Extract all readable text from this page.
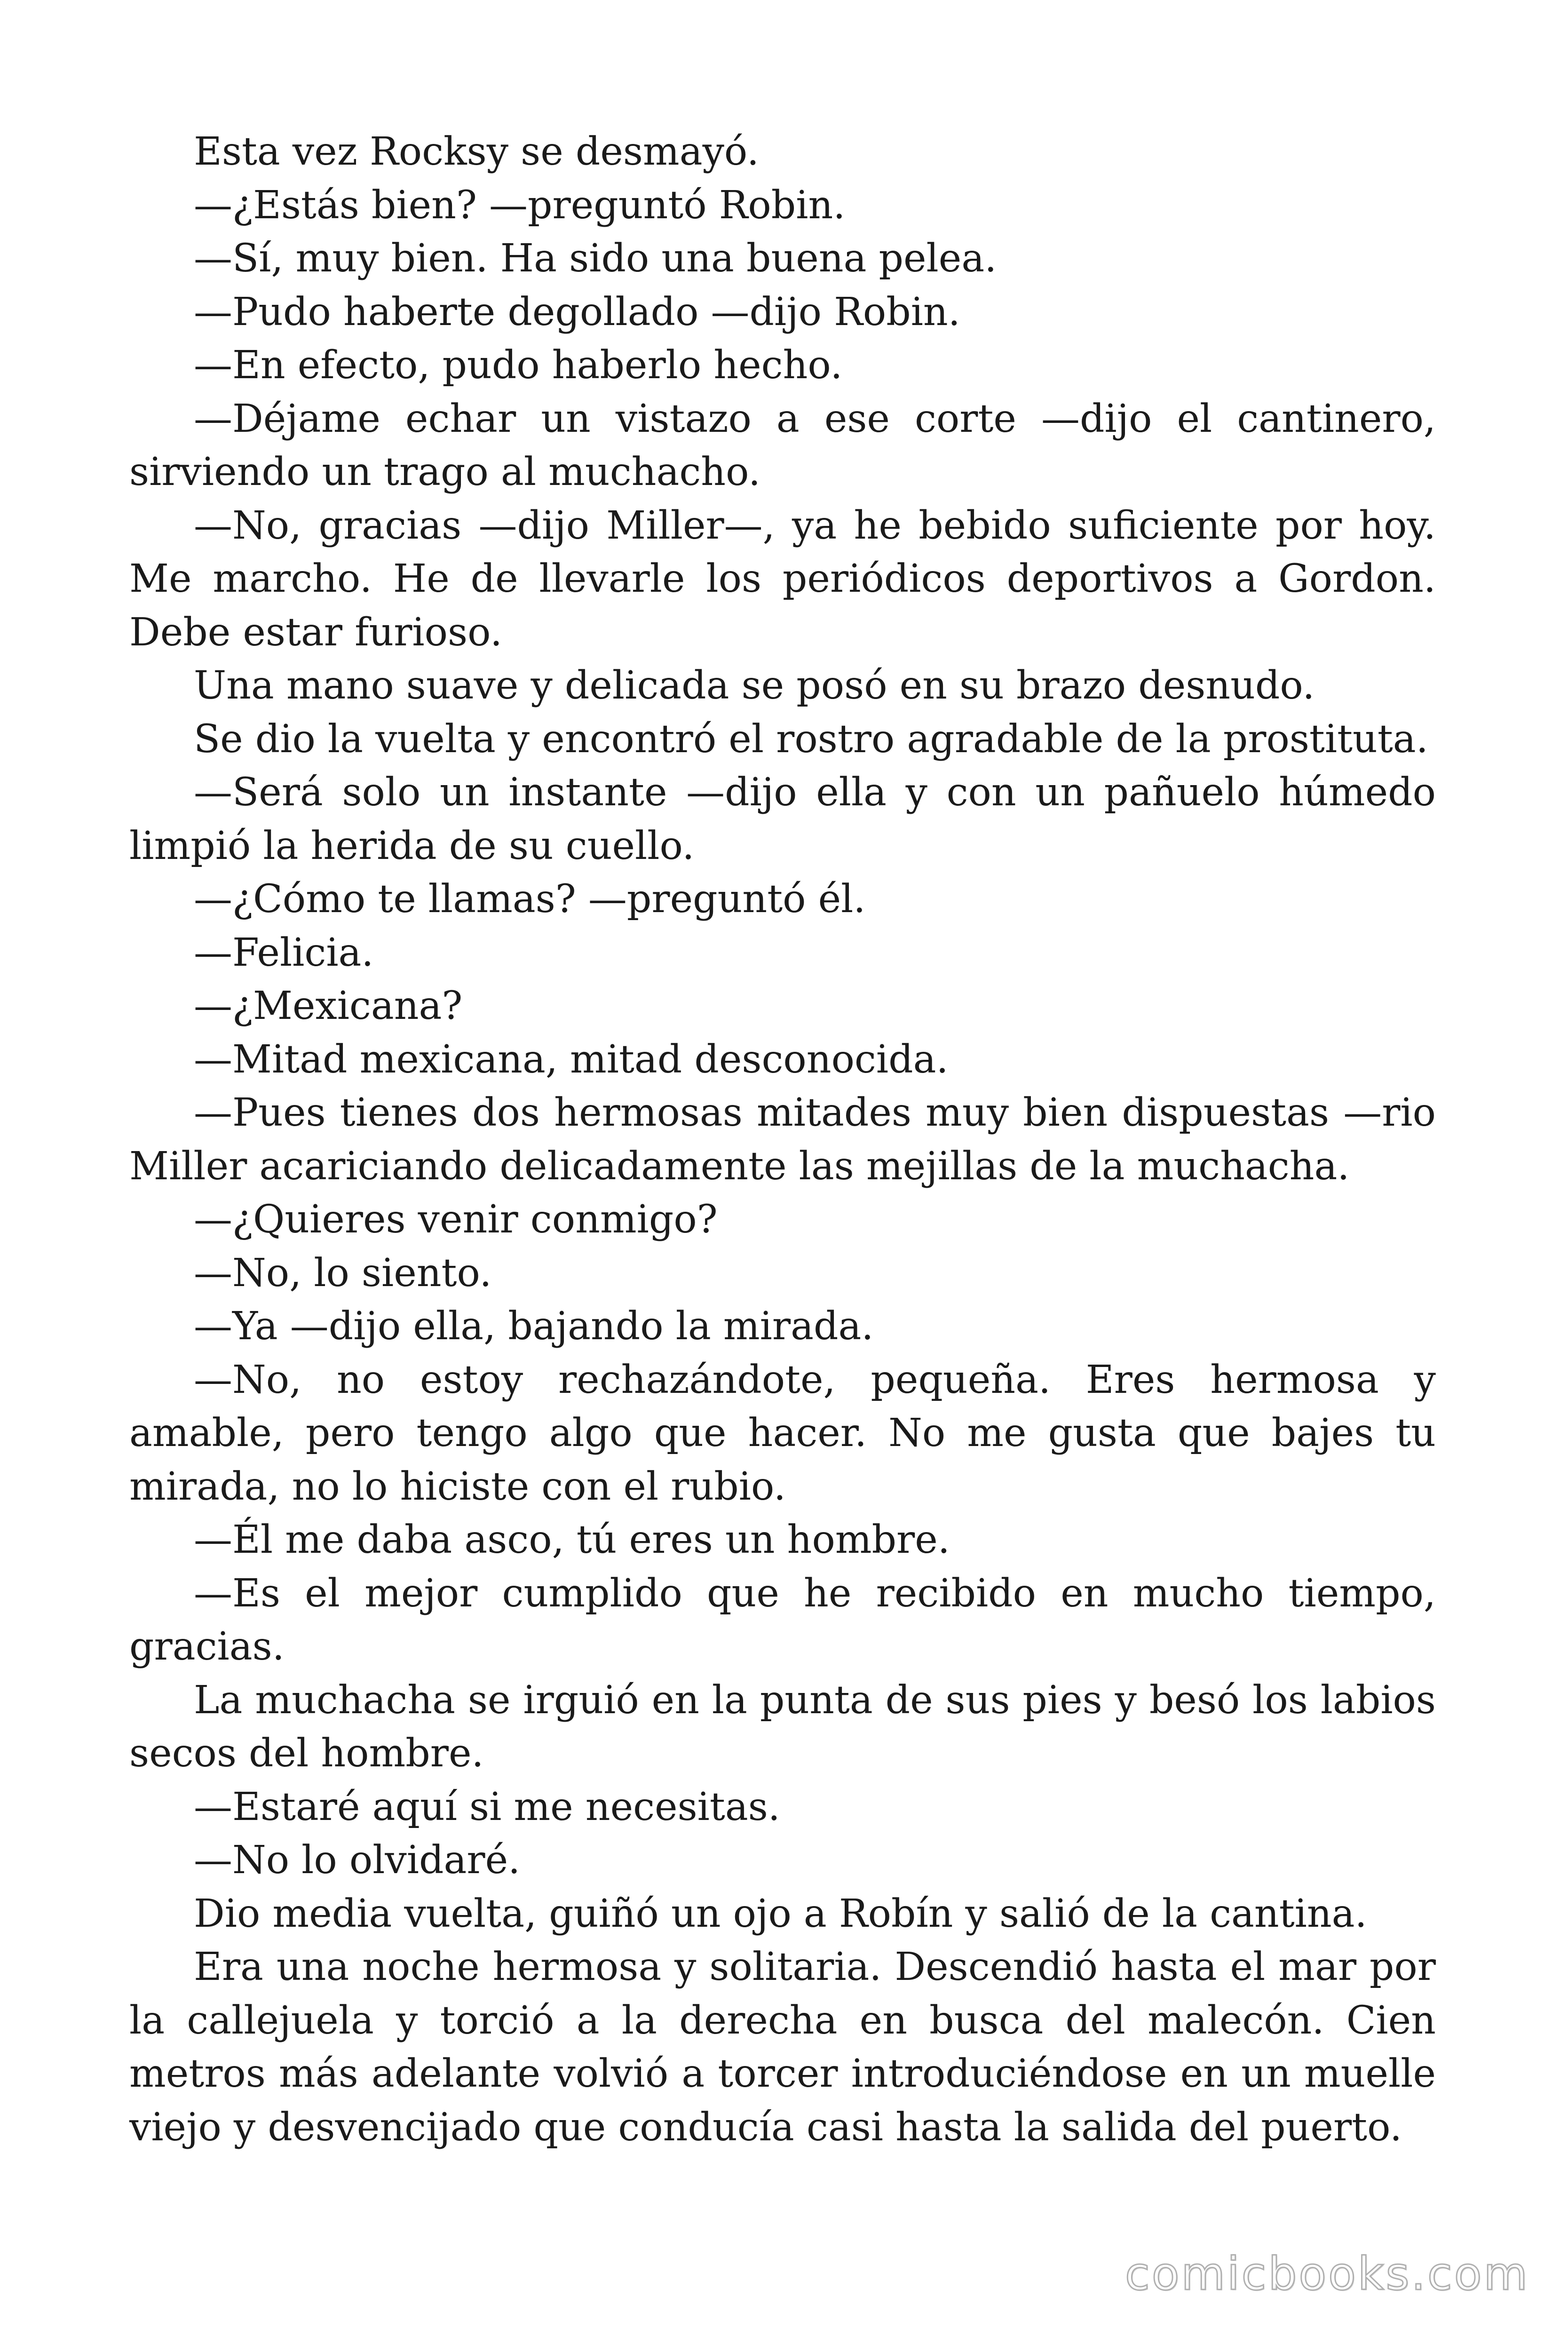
Esta vez Rocksy se desmayó.

—¿Estás bien? —preguntó Robin.

—Sí, muy bien. Ha sido una buena pelea.

—Pudo haberte degollado —dijo Robin.

—En efecto, pudo haberlo hecho.

—Déjame echar un vistazo a ese corte —dijo el cantinero, sirviendo un trago al muchacho.

—No, gracias —dijo Miller—, ya he bebido suficiente por hoy. Me marcho. He de llevarle los periódicos deportivos a Gordon. Debe estar furioso.

Una mano suave y delicada se posó en su brazo desnudo.

Se dio la vuelta y encontró el rostro agradable de la prostituta.

—Será solo un instante —dijo ella y con un pañuelo húmedo limpió la herida de su cuello.

—¿Cómo te llamas? —preguntó él.

—Felicia.

—¿Mexicana?

—Mitad mexicana, mitad desconocida.

—Pues tienes dos hermosas mitades muy bien dispuestas —rio Miller acariciando delicadamente las mejillas de la muchacha.

—¿Quieres venir conmigo?

—No, lo siento.

—Ya —dijo ella, bajando la mirada.

—No, no estoy rechazándote, pequeña. Eres hermosa y amable, pero tengo algo que hacer. No me gusta que bajes tu mirada, no lo hiciste con el rubio.

—Él me daba asco, tú eres un hombre.

—Es el mejor cumplido que he recibido en mucho tiempo, gracias.

La muchacha se irguió en la punta de sus pies y besó los labios secos del hombre.

—Estaré aquí si me necesitas.

—No lo olvidaré.

Dio media vuelta, guiñó un ojo a Robín y salió de la cantina.

Era una noche hermosa y solitaria. Descendió hasta el mar por la callejuela y torció a la derecha en busca del malecón. Cien metros más adelante volvió a torcer introduciéndose en un muelle viejo y desvencijado que conducía casi hasta la salida del puerto.

comicbooks.com
